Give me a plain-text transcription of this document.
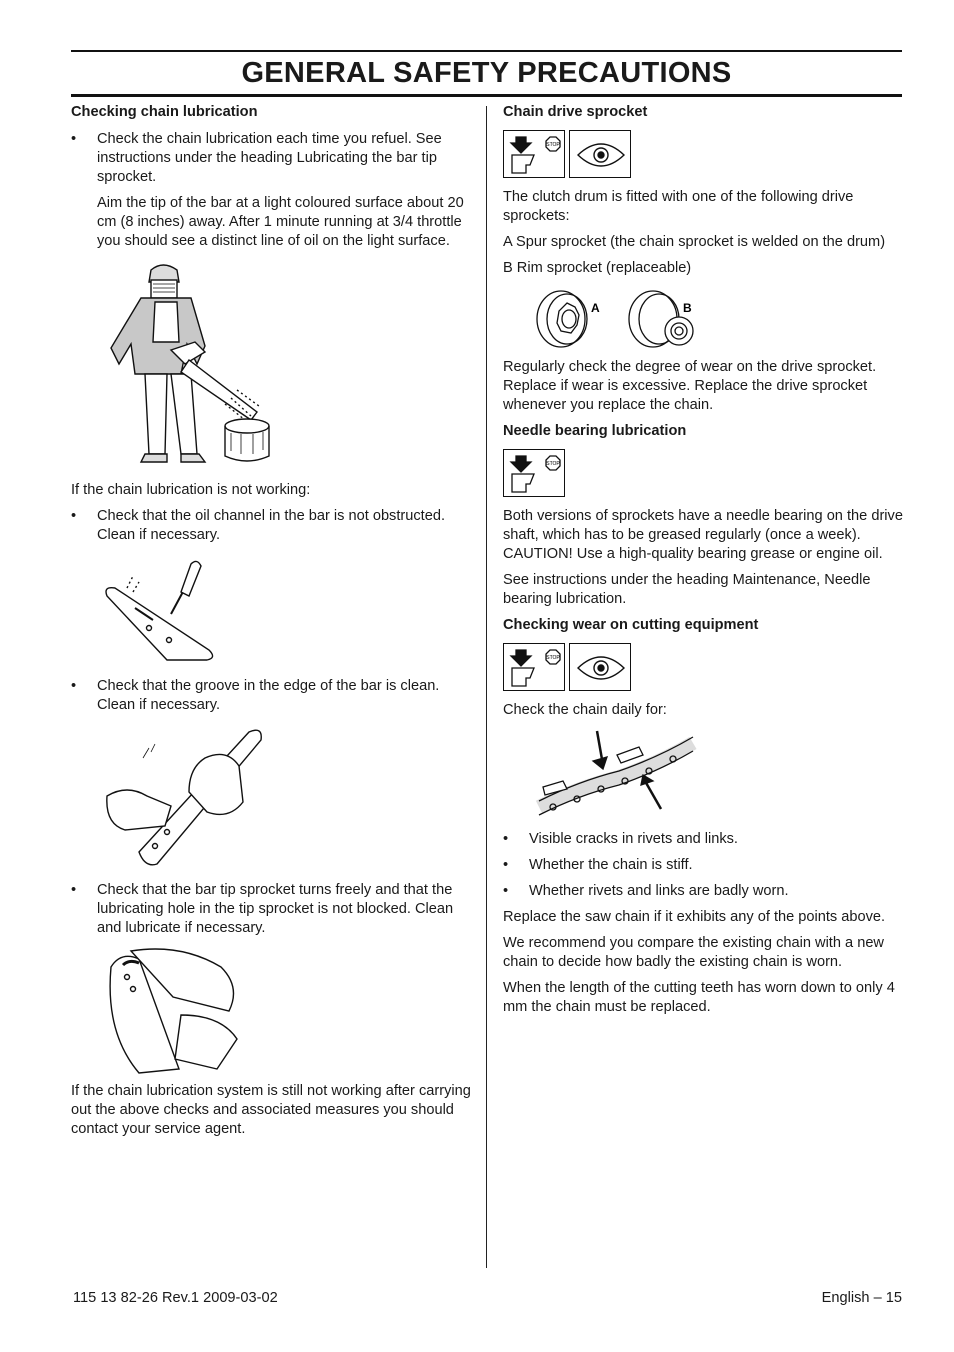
GENERAL SAFETY PRECAUTIONS
Checking chain lubrication
• Check the chain lubrication each time you refuel. See instructions under the heading Lubricating the bar tip sprocket.

Aim the tip of the bar at a light coloured surface about 20 cm (8 inches) away. After 1 minute running at 3/4 throttle you should see a distinct line of oil on the light surface.

If the chain lubrication is not working:

• Check that the oil channel in the bar is not obstructed. Clean if necessary.
• Check that the groove in the edge of the bar is clean. Clean if necessary.
• Check that the bar tip sprocket turns freely and that the lubricating hole in the tip sprocket is not blocked. Clean and lubricate if necessary.

If the chain lubrication system is still not working after carrying out the above checks and associated measures you should contact your service agent.

Chain drive sprocket
STOP

The clutch drum is fitted with one of the following drive sprockets:

A Spur sprocket (the chain sprocket is welded on the drum)

B Rim sprocket (replaceable)

A	B

Regularly check the degree of wear on the drive sprocket. Replace if wear is excessive. Replace the drive sprocket whenever you replace the chain.

Needle bearing lubrication
STOP

Both versions of sprockets have a needle bearing on the drive shaft, which has to be greased regularly (once a week). CAUTION! Use a high-quality bearing grease or engine oil.

See instructions under the heading Maintenance, Needle bearing lubrication.

Checking wear on cutting equipment
STOP

Check the chain daily for:

• Visible cracks in rivets and links.
• Whether the chain is stiff.
• Whether rivets and links are badly worn.

Replace the saw chain if it exhibits any of the points above.

We recommend you compare the existing chain with a new chain to decide how badly the existing chain is worn.

When the length of the cutting teeth has worn down to only 4 mm the chain must be replaced.

115 13 82-26 Rev.1 2009-03-02	English – 15
